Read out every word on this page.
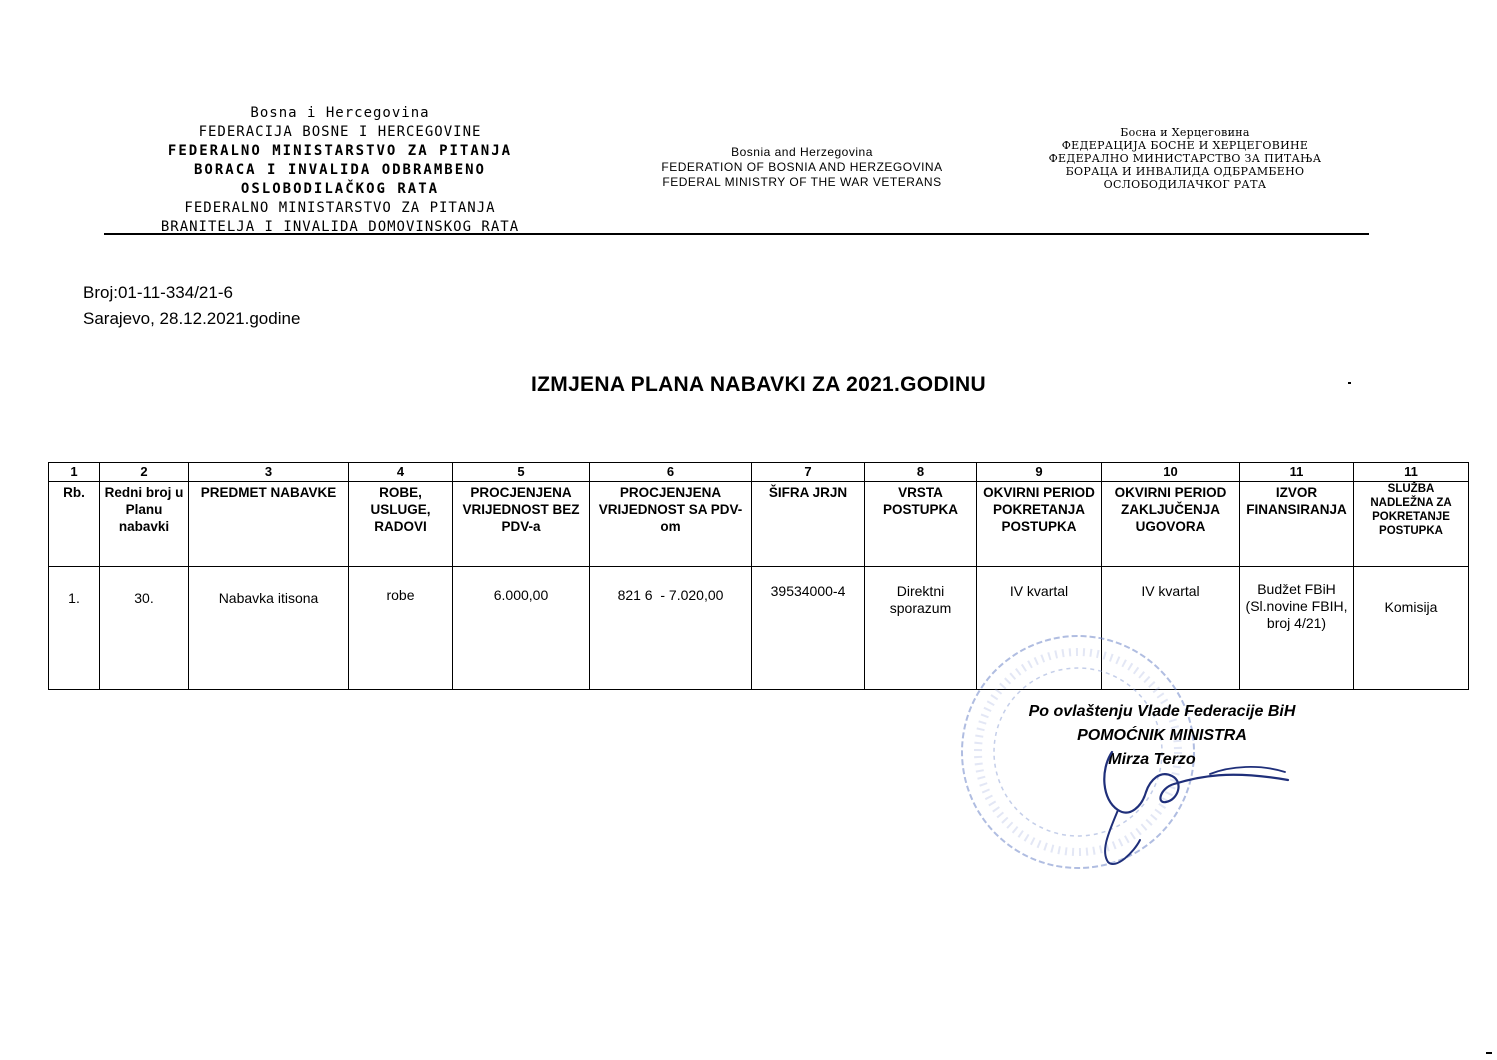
Bosna i Hercegovina
FEDERACIJA BOSNE I HERCEGOVINE
FEDERALNO MINISTARSTVO ZA PITANJA
BORACA I INVALIDA ODBRAMBENO
OSLOBODILAČKOG RATA
FEDERALNO MINISTARSTVO ZA PITANJA
BRANITELJA I INVALIDA DOMOVINSKOG RATA
Bosnia and Herzegovina
FEDERATION OF BOSNIA AND HERZEGOVINA
FEDERAL MINISTRY OF THE WAR VETERANS
Босна и Херцеговина
ФЕДЕРАЦИЈА БОСНЕ И ХЕРЦЕГОВИНЕ
ФЕДЕРАЛНО МИНИСТАРСТВО ЗА ПИТАЊА
БОРАЦА И ИНВАЛИДА ОДБРАМБЕНО
ОСЛОБОДИЛАЧКОГ РАТА
Broj:01-11-334/21-6
Sarajevo, 28.12.2021.godine
IZMJENA PLANA NABAVKI ZA 2021.GODINU
1	2	3	4	5	6	7	8	9	10	11	11
Rb.	Redni broj u Planu nabavki	PREDMET NABAVKE	ROBE, USLUGE, RADOVI	PROCJENJENA VRIJEDNOST BEZ PDV-a	PROCJENJENA VRIJEDNOST SA PDV-om	ŠIFRA JRJN	VRSTA POSTUPKA	OKVIRNI PERIOD POKRETANJA POSTUPKA	OKVIRNI PERIOD ZAKLJUČENJA UGOVORA	IZVOR FINANSIRANJA	SLUŽBA NADLEŽNA ZA POKRETANJE POSTUPKA
1.	30.	Nabavka itisona	robe	6.000,00	821 6  - 7.020,00	39534000-4	Direktni sporazum	IV kvartal	IV kvartal	Budžet FBiH (Sl.novine FBIH, broj 4/21)	Komisija
Po ovlaštenju Vlade Federacije BiH
POMOĆNIK MINISTRA
Mirza Terzo
